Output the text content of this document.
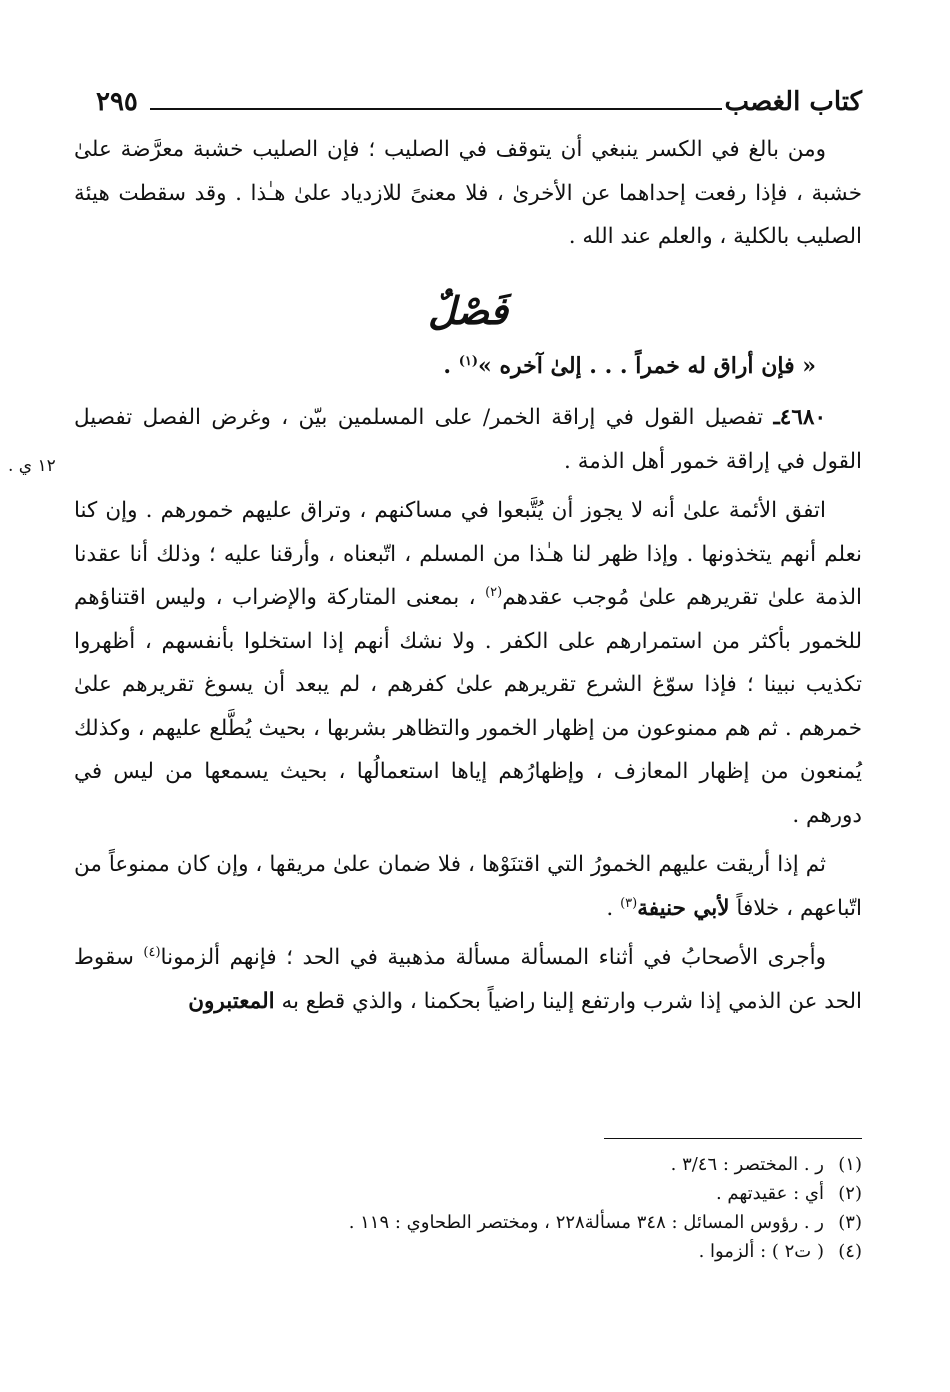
كتاب الغصب
٢٩٥
١٢ ي .

ومن بالغ في الكسر ينبغي أن يتوقف في الصليب ؛ فإن الصليب خشبة معرَّضة علىٰ خشبة ، فإذا رفعت إحداهما عن الأخرىٰ ، فلا معنىً للازدياد علىٰ هـٰذا . وقد سقطت هيئة الصليب بالكلية ، والعلم عند الله .

فَصْلٌ

« فإن أراق له خمراً . . . إلىٰ آخره »$^{(١)}$ .

٤٦٨٠ـ تفصيل القول في إراقة الخمر/ على المسلمين بيّن ، وغرض الفصل تفصيل القول في إراقة خمور أهل الذمة .

اتفق الأئمة علىٰ أنه لا يجوز أن يُتَّبعوا في مساكنهم ، وتراق عليهم خمورهم . وإن كنا نعلم أنهم يتخذونها . وإذا ظهر لنا هـٰذا من المسلم ، اتّبعناه ، وأرقنا عليه ؛ وذلك أنا عقدنا الذمة علىٰ تقريرهم علىٰ مُوجب عقدهم$^{(٢)}$ ، بمعنى المتاركة والإضراب ، وليس اقتناؤهم للخمور بأكثر من استمرارهم على الكفر . ولا نشك أنهم إذا استخلوا بأنفسهم ، أظهروا تكذيب نبينا ؛ فإذا سوّغ الشرع تقريرهم علىٰ كفرهم ، لم يبعد أن يسوغ تقريرهم علىٰ خمرهم . ثم هم ممنوعون من إظهار الخمور والتظاهر بشربها ، بحيث يُطَّلع عليهم ، وكذلك يُمنعون من إظهار المعازف ، وإظهارُهم إياها استعمالُها ، بحيث يسمعها من ليس في دورهم .

ثم إذا أريقت عليهم الخمورُ التي اقتنَوْها ، فلا ضمان علىٰ مريقها ، وإن كان ممنوعاً من اتّباعهم ، خلافاً لأبي حنيفة$^{(٣)}$ .

وأجرى الأصحابُ في أثناء المسألة مسألة مذهبية في الحد ؛ فإنهم ألزمونا$^{(٤)}$ سقوط الحد عن الذمي إذا شرب وارتفع إلينا راضياً بحكمنا ، والذي قطع به المعتبرون

(١)ر . المختصر : ٣/٤٦ .
(٢)أي : عقيدتهم .
(٣)ر . رؤوس المسائل : ٣٤٨ مسألة٢٢٨ ، ومختصر الطحاوي : ١١٩ .
(٤)( ت٢ ) : ألزموا .
